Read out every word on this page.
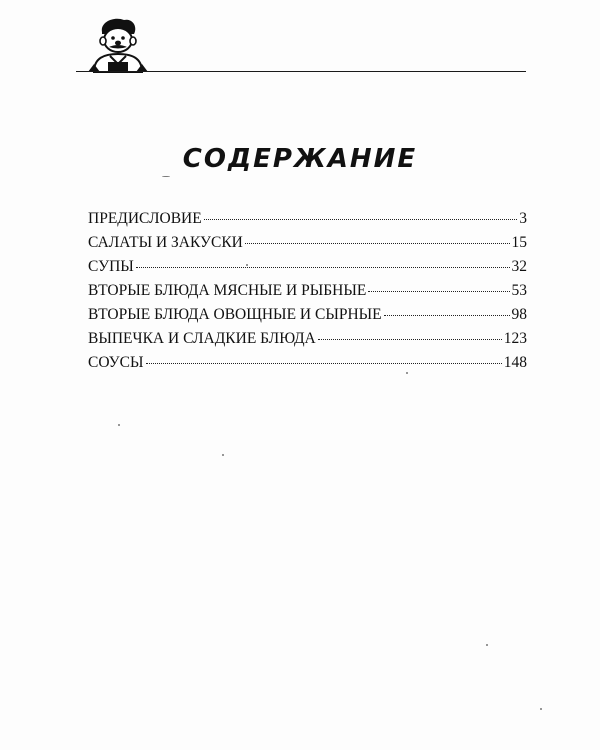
СОДЕРЖАНИЕ
ПРЕДИСЛОВИЕ	3
САЛАТЫ И ЗАКУСКИ	15
СУПЫ	32
ВТОРЫЕ БЛЮДА МЯСНЫЕ И РЫБНЫЕ	53
ВТОРЫЕ БЛЮДА ОВОЩНЫЕ И СЫРНЫЕ	98
ВЫПЕЧКА И СЛАДКИЕ БЛЮДА	123
СОУСЫ	148
